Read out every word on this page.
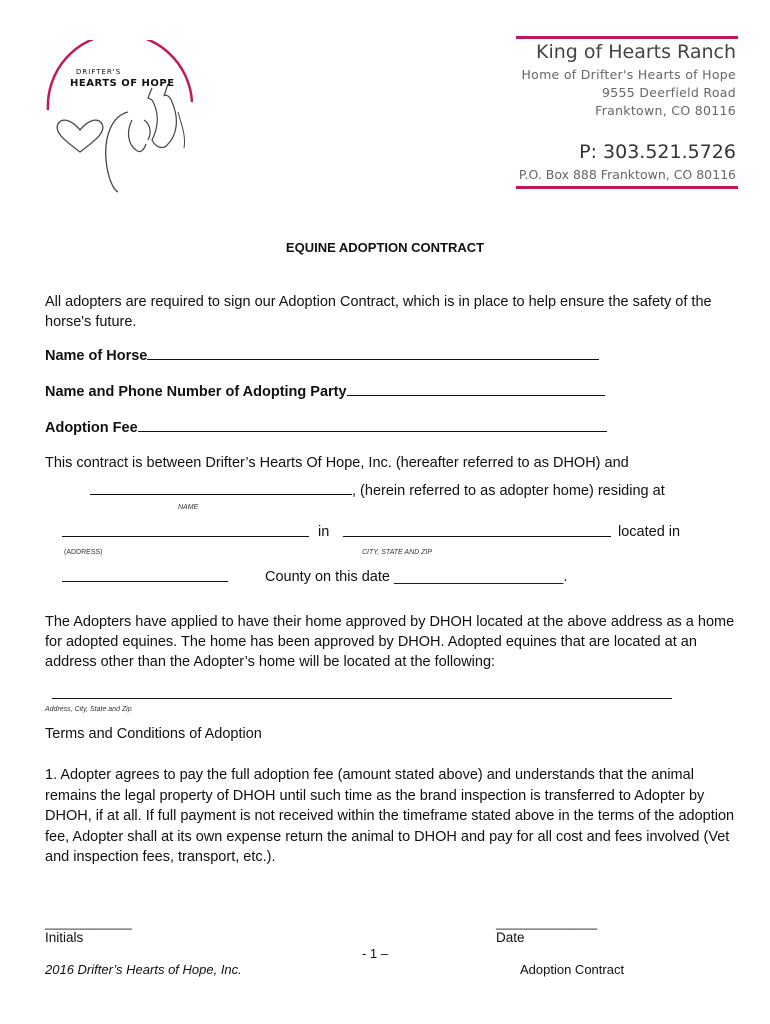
DRIFTER'S
HEARTS OF HOPE
King of Hearts Ranch
Home of Drifter's Hearts of Hope
9555 Deerfield Road
Franktown, CO 80116
P: 303.521.5726
P.O. Box 888 Franktown, CO 80116
EQUINE ADOPTION CONTRACT
All adopters are required to sign our Adoption Contract, which is in place to help ensure the safety of the horse's future.
Name of Horse
Name and Phone Number of Adopting Party
Adoption Fee
This contract is between Drifter’s Hearts Of Hope, Inc. (hereafter referred to as DHOH) and
, (herein referred to as adopter home) residing at
NAME
in	located in
(ADDRESS)	CITY, STATE AND ZIP
County on this date _____________________.
The Adopters have applied to have their home approved by DHOH located at the above address as a home for adopted equines. The home has been approved by DHOH. Adopted equines that are located at an address other than the Adopter’s home will be located at the following:
Address, City, State and Zip
Terms and Conditions of Adoption
1. Adopter agrees to pay the full adoption fee (amount stated above) and understands that the animal remains the legal property of DHOH until such time as the brand inspection is transferred to Adopter by DHOH, if at all. If full payment is not received within the timeframe stated above in the terms of the adoption fee, Adopter shall at its own expense return the animal to DHOH and pay for all cost and fees involved (Vet and inspection fees, transport, etc.).
____________
Initials
______________
Date
- 1 –
2016 Drifter’s Hearts of Hope, Inc.	Adoption Contract
